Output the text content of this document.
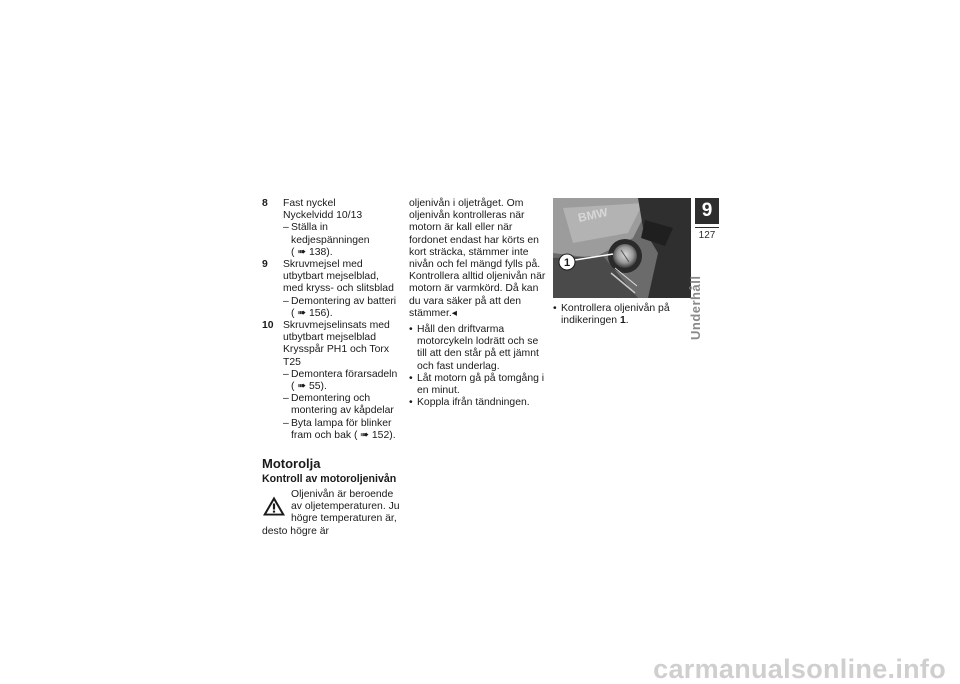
8 Fast nyckel
Nyckelvidd 10/13
– Ställa in kedjespänningen
( ➠ 138).
9 Skruvmejsel med utbytbart mejselblad, med kryss- och slitsblad
– Demontering av batteri
( ➠ 156).
10 Skruvmejselinsats med utbytbart mejselblad
Krysspår PH1 och Torx T25
– Demontera förarsadeln
( ➠ 55).
– Demontering och montering av kåpdelar
– Byta lampa för blinker fram och bak ( ➠ 152).
Motorolja
Kontroll av motoroljenivån

Oljenivån är beroende av oljetemperaturen. Ju högre temperaturen är, desto högre är

oljenivån i oljetråget. Om oljenivån kontrolleras när motorn är kall eller när fordonet endast har körts en kort sträcka, stämmer inte nivån och fel mängd fylls på. Kontrollera alltid oljenivån när motorn är varmkörd. Då kan du vara säker på att den stämmer.◂

• Håll den driftvarma motorcykeln lodrätt och se till att den står på ett jämnt och fast underlag.
• Låt motorn gå på tomgång i en minut.
• Koppla ifrån tändningen.
BMW
1
• Kontrollera oljenivån på indikeringen 1.
9
127
Underhåll
carmanualsonline.info
